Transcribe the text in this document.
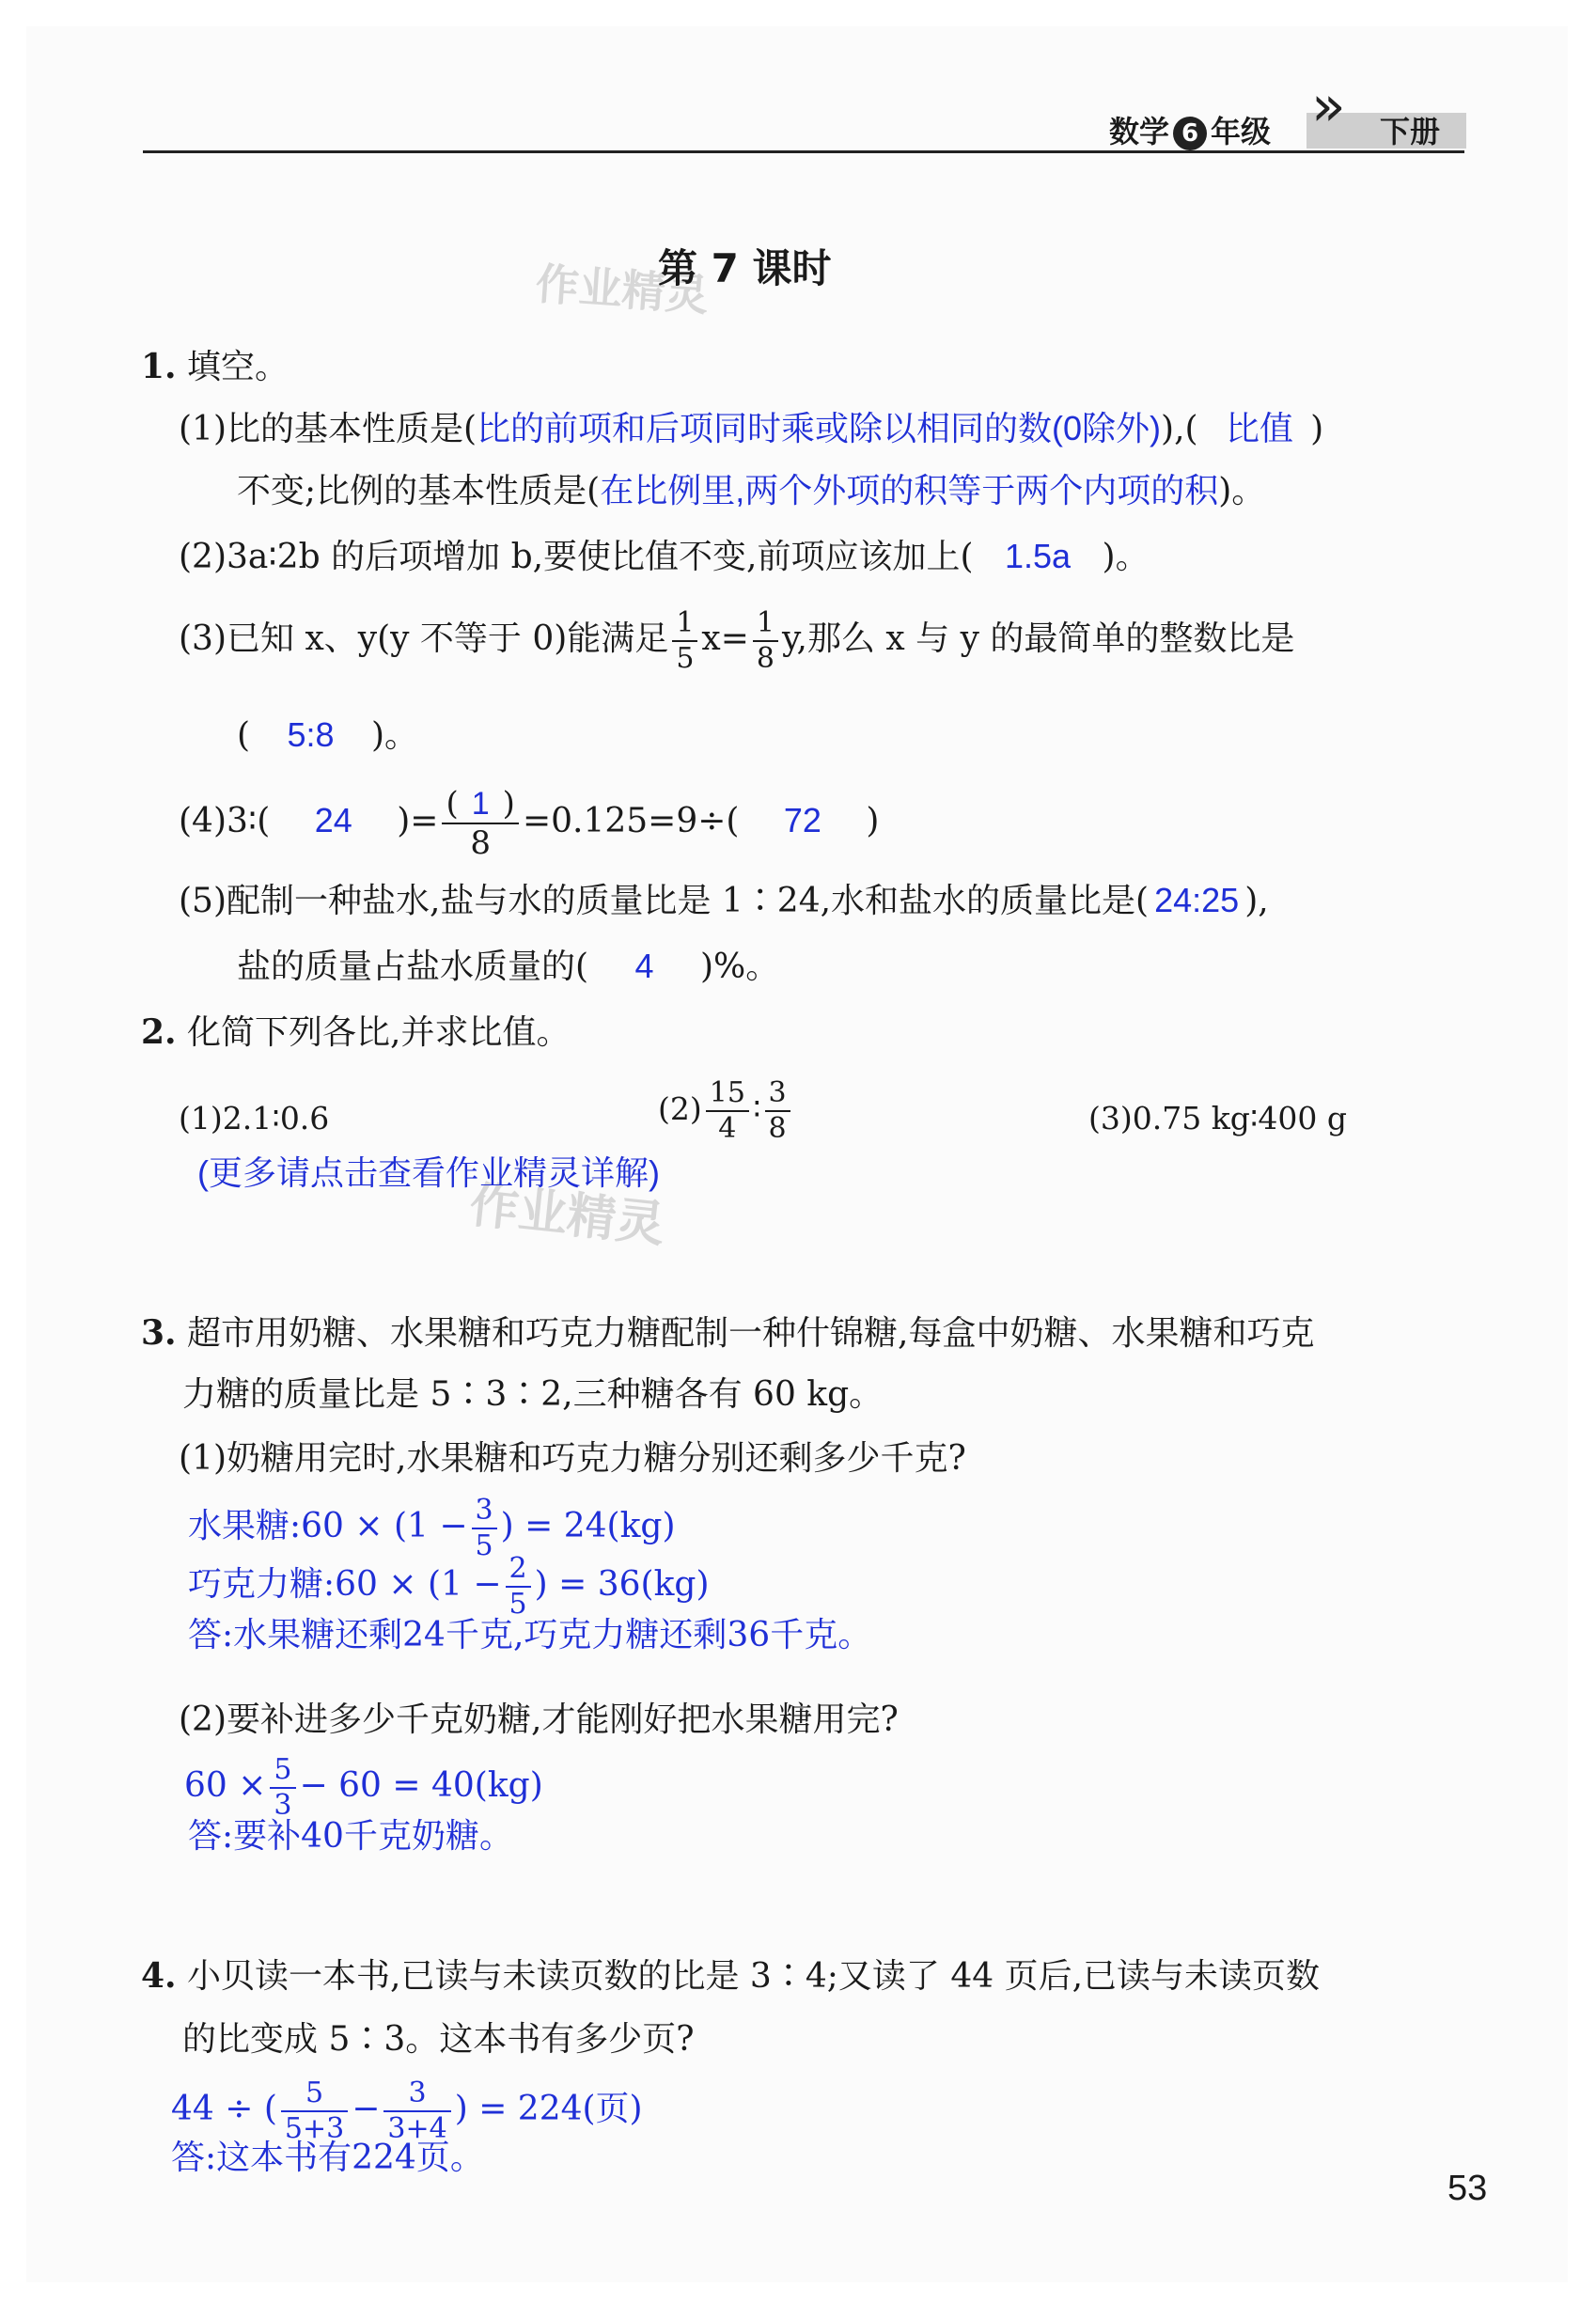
数学 6 年级 » 下册
作业精灵
作业精灵
第 7 课时
1. 填空。
(1)比的基本性质是(比的前项和后项同时乘或除以相同的数(0除外)),( 比值 )
不变;比例的基本性质是(在比例里,两个外项的积等于两个内项的积)。
(2)3a∶2b 的后项增加 b,要使比值不变,前项应该加上( 1.5a )。
(3)已知 x、y(y 不等于 0)能满足 $\frac{1}{5} x= \frac{1}{8} y$,那么 x 与 y 的最简单的整数比是
( 5:8 )。
(4)3∶( 24 )= $\frac{( 1 )}{8} =0.125=9\div$( 72 )
(5)配制一种盐水,盐与水的质量比是 1∶24,水和盐水的质量比是( 24:25 ),
盐的质量占盐水质量的( 4 )%。
2. 化简下列各比,并求比值。
(1)2.1∶0.6	$(2) \frac{15}{4}$ ∶ $\frac{3}{8}$	(3)0.75 kg∶400 g
(更多请点击查看作业精灵详解)
3. 超市用奶糖、水果糖和巧克力糖配制一种什锦糖,每盒中奶糖、水果糖和巧克
力糖的质量比是 5∶3∶2,三种糖各有 60 kg。
(1)奶糖用完时,水果糖和巧克力糖分别还剩多少千克?
水果糖:60 × ($1 - \frac{3}{5}$ ) = 24(kg)
巧克力糖:60 × ($1 - \frac{2}{5}$ ) = 36(kg)
答:水果糖还剩24千克,巧克力糖还剩36千克。
(2)要补进多少千克奶糖,才能刚好把水果糖用完?
$60 \times \frac{5}{3} - 60 = 40(kg)$
答:要补40千克奶糖。
4. 小贝读一本书,已读与未读页数的比是 3∶4;又读了 44 页后,已读与未读页数
的比变成 5∶3。这本书有多少页?
44 ÷ ( $\frac{5}{5+3} - \frac{3}{3+4}$ ) = 224(页)
答:这本书有224页。
53
